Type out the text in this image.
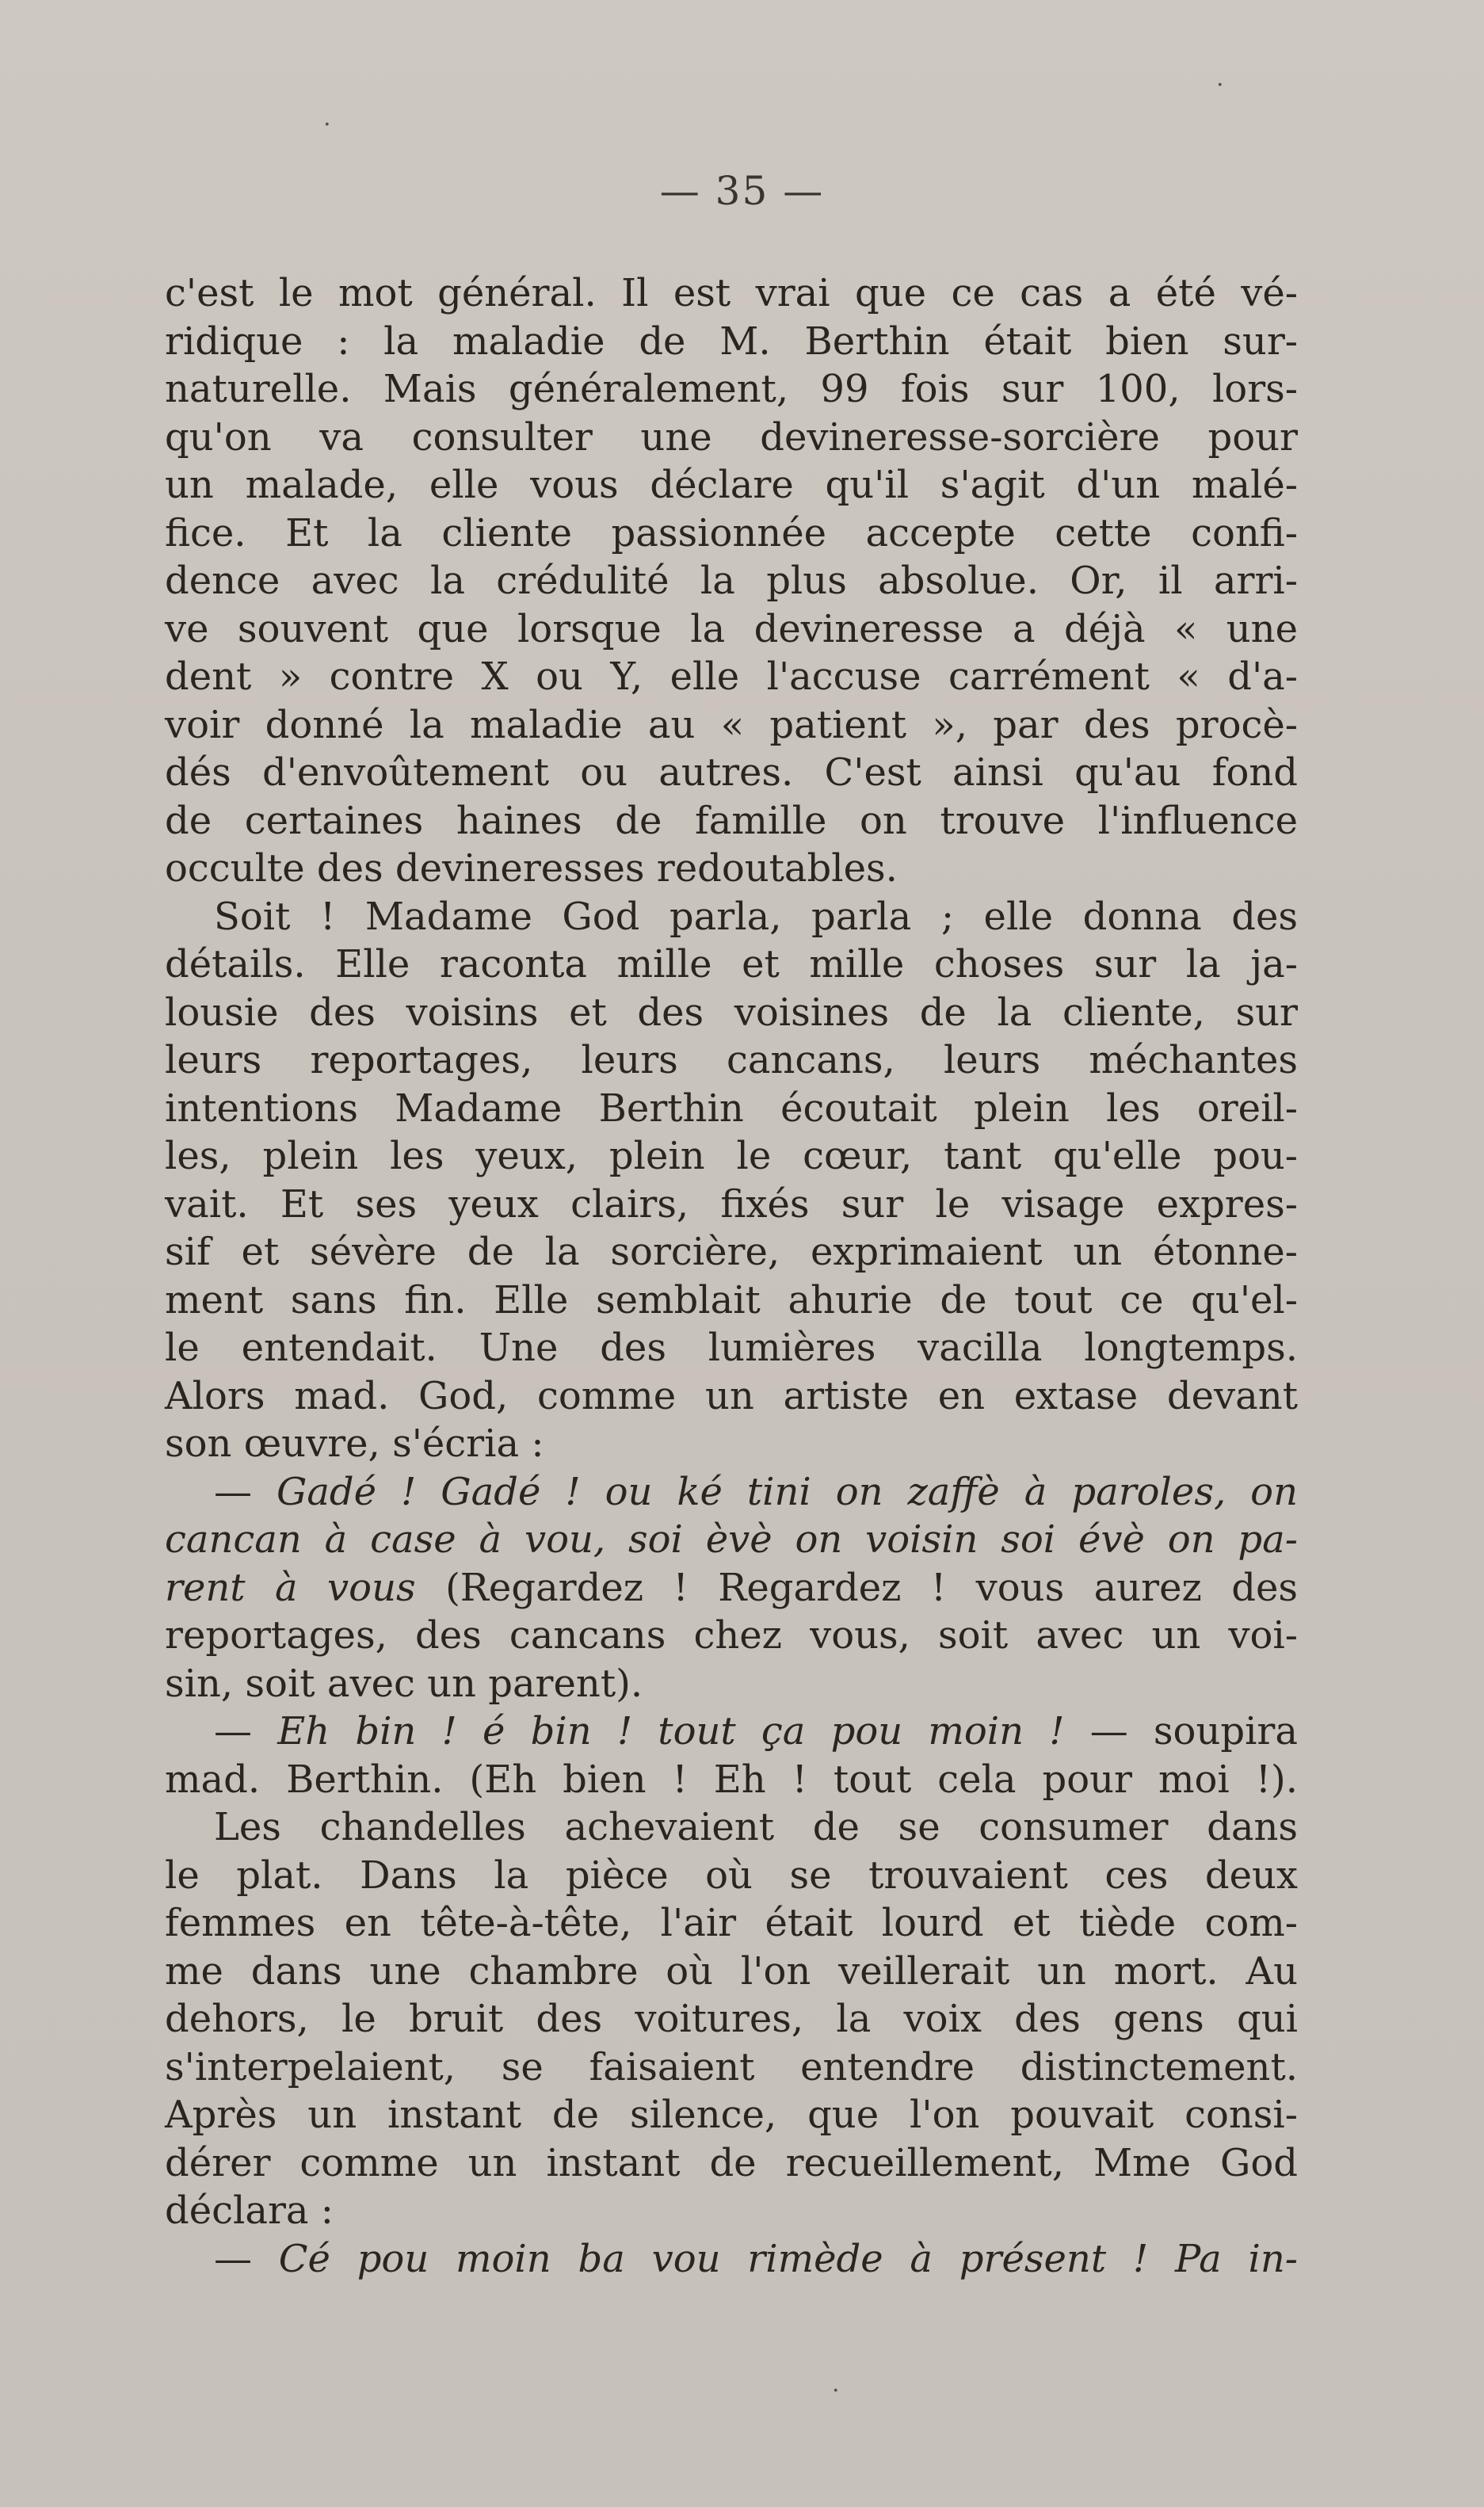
— 35 —

c'est le mot général. Il est vrai que ce cas a été vé-
ridique : la maladie de M. Berthin était bien sur-
naturelle. Mais généralement, 99 fois sur 100, lors-
qu'on va consulter une devineresse-sorcière pour
un malade, elle vous déclare qu'il s'agit d'un malé-
fice. Et la cliente passionnée accepte cette confi-
dence avec la crédulité la plus absolue. Or, il arri-
ve souvent que lorsque la devineresse a déjà « une
dent » contre X ou Y, elle l'accuse carrément « d'a-
voir donné la maladie au « patient », par des procè-
dés d'envoûtement ou autres. C'est ainsi qu'au fond
de certaines haines de famille on trouve l'influence
occulte des devineresses redoutables.
Soit ! Madame God parla, parla ; elle donna des
détails. Elle raconta mille et mille choses sur la ja-
lousie des voisins et des voisines de la cliente, sur
leurs reportages, leurs cancans, leurs méchantes
intentions Madame Berthin écoutait plein les oreil-
les, plein les yeux, plein le cœur, tant qu'elle pou-
vait. Et ses yeux clairs, fixés sur le visage expres-
sif et sévère de la sorcière, exprimaient un étonne-
ment sans fin. Elle semblait ahurie de tout ce qu'el-
le entendait. Une des lumières vacilla longtemps.
Alors mad. God, comme un artiste en extase devant
son œuvre, s'écria :
— Gadé ! Gadé ! ou ké tini on zaffè à paroles, on
cancan à case à vou, soi èvè on voisin soi évè on pa-
rent à vous (Regardez ! Regardez ! vous aurez des
reportages, des cancans chez vous, soit avec un voi-
sin, soit avec un parent).
— Eh bin ! é bin ! tout ça pou moin ! — soupira
mad. Berthin. (Eh bien ! Eh ! tout cela pour moi !).
Les chandelles achevaient de se consumer dans
le plat. Dans la pièce où se trouvaient ces deux
femmes en tête-à-tête, l'air était lourd et tiède com-
me dans une chambre où l'on veillerait un mort. Au
dehors, le bruit des voitures, la voix des gens qui
s'interpelaient, se faisaient entendre distinctement.
Après un instant de silence, que l'on pouvait consi-
dérer comme un instant de recueillement, Mme God
déclara :
— Cé pou moin ba vou rimède à présent ! Pa in-
·
·
·
